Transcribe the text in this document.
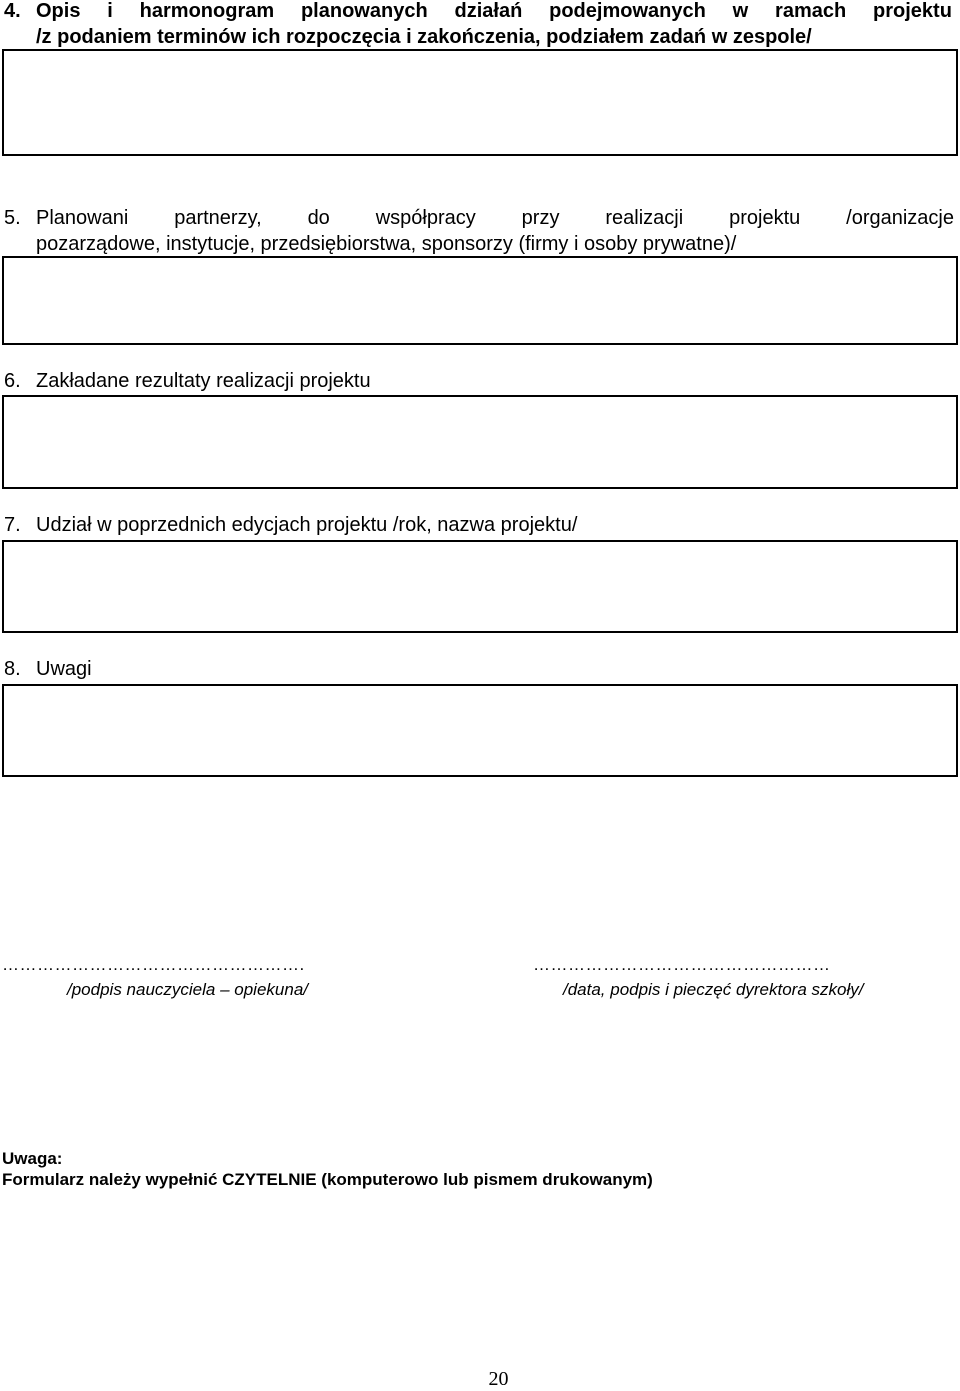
4. Opis i harmonogram planowanych działań podejmowanych w ramach projektu
/z podaniem terminów ich rozpoczęcia i zakończenia, podziałem zadań w zespole/
5. Planowani partnerzy, do współpracy przy realizacji projektu /organizacje
pozarządowe, instytucje, przedsiębiorstwa, sponsorzy (firmy i osoby prywatne)/
6. Zakładane rezultaty realizacji projektu
7. Udział w poprzednich edycjach projektu /rok, nazwa projektu/
8. Uwagi
…………………………………………….
/podpis nauczyciela – opiekuna/
……………………………………………
/data, podpis i pieczęć dyrektora szkoły/
Uwaga:
Formularz należy wypełnić CZYTELNIE (komputerowo lub pismem drukowanym)
20
